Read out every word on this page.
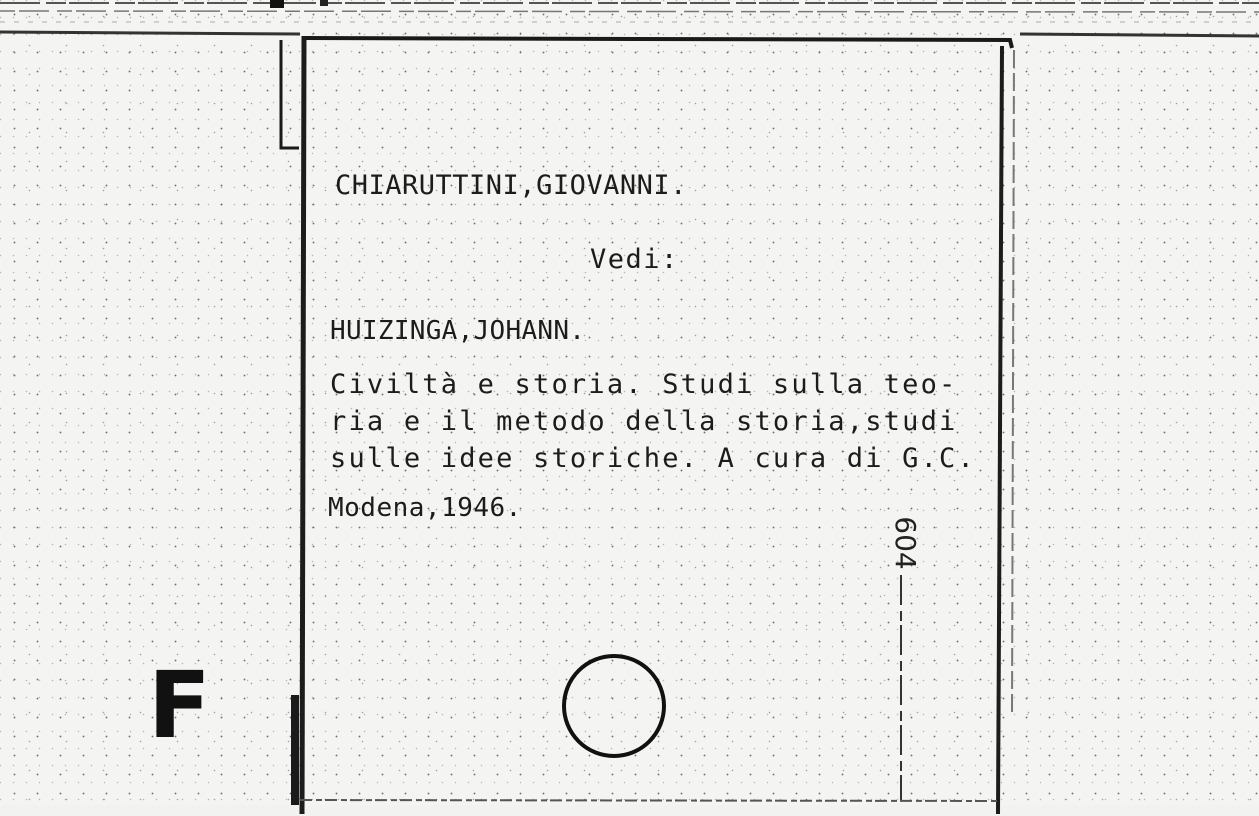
CHIARUTTINI,GIOVANNI.
Vedi:
HUIZINGA,JOHANN.
Civiltà e storia. Studi sulla teo-
ria e il metodo della storia,studi
sulle idee storiche. A cura di G.C.
Modena,1946.
604
F
